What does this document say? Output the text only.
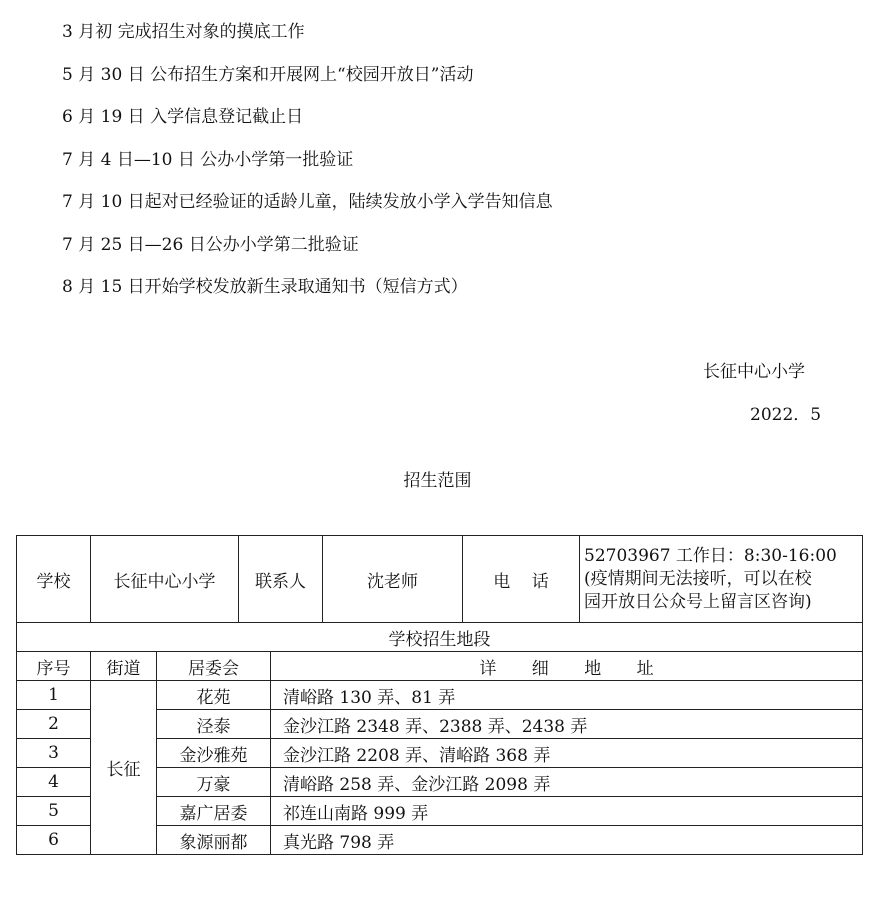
3 月初 完成招生对象的摸底工作
5 月 30 日 公布招生方案和开展网上“校园开放日”活动
6 月 19 日 入学信息登记截止日
7 月 4 日—10 日 公办小学第一批验证
7 月 10 日起对已经验证的适龄儿童，陆续发放小学入学告知信息
7 月 25 日—26 日公办小学第二批验证
8 月 15 日开始学校发放新生录取通知书（短信方式）
长征中心小学
2022．5
招生范围
学校	长征中心小学	联系人	沈老师	电    话	
52703967 工作日：8:30-16:00
(疫情期间无法接听，可以在校
园开放日公众号上留言区咨询)
学校招生地段			
序号	街道	居委会	详 细 地 址
1	长征	花苑	清峪路 130 弄、81 弄
2		泾泰	金沙江路 2348 弄、2388 弄、2438 弄
3		金沙雅苑	金沙江路 2208 弄、清峪路 368 弄
4		万豪	清峪路 258 弄、金沙江路 2098 弄
5		嘉广居委	祁连山南路 999 弄
6		象源丽都	真光路 798 弄
